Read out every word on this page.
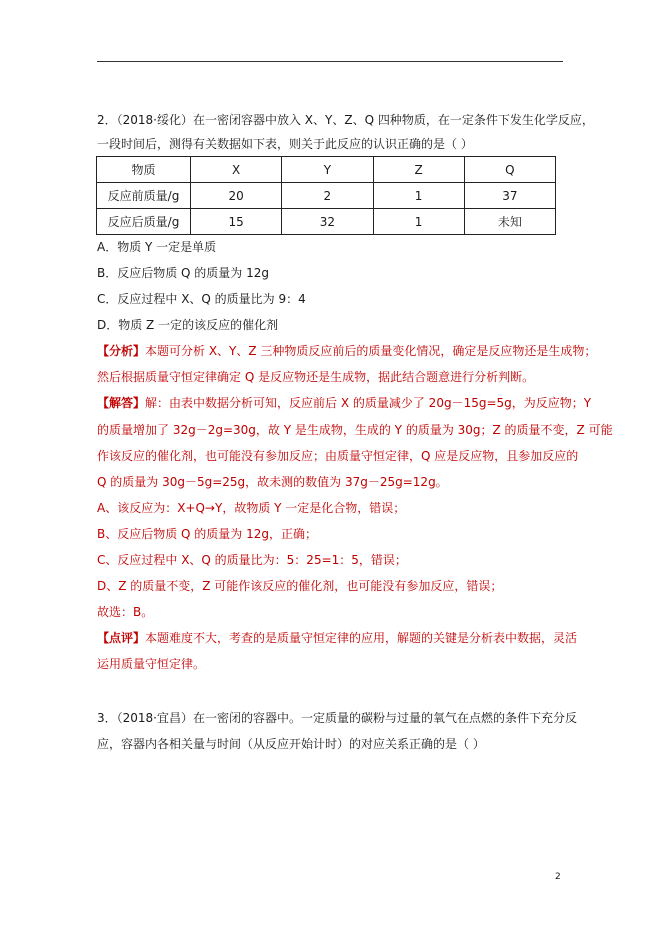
2．（2018·绥化）在一密闭容器中放入 X、Y、Z、Q 四种物质，在一定条件下发生化学反应，
一段时间后，测得有关数据如下表，则关于此反应的认识正确的是（ ）
物质	X	Y	Z	Q
反应前质量/g	20	2	1	37
反应后质量/g	15	32	1	未知
A．物质 Y 一定是单质
B．反应后物质 Q 的质量为 12g
C．反应过程中 X、Q 的质量比为 9：4
D．物质 Z 一定的该反应的催化剂
【分析】本题可分析 X、Y、Z 三种物质反应前后的质量变化情况，确定是反应物还是生成物；
然后根据质量守恒定律确定 Q 是反应物还是生成物，据此结合题意进行分析判断。
【解答】解：由表中数据分析可知，反应前后 X 的质量减少了 20g－15g=5g，为反应物；Y
的质量增加了 32g－2g=30g，故 Y 是生成物，生成的 Y 的质量为 30g；Z 的质量不变，Z 可能
作该反应的催化剂，也可能没有参加反应；由质量守恒定律，Q 应是反应物，且参加反应的
Q 的质量为 30g－5g=25g，故未测的数值为 37g－25g=12g。
A、该反应为：X+Q→Y，故物质 Y 一定是化合物，错误；
B、反应后物质 Q 的质量为 12g，正确；
C、反应过程中 X、Q 的质量比为：5：25=1：5，错误；
D、Z 的质量不变，Z 可能作该反应的催化剂，也可能没有参加反应，错误；
故选：B。
【点评】本题难度不大，考查的是质量守恒定律的应用，解题的关键是分析表中数据，灵活
运用质量守恒定律。
3．（2018·宜昌）在一密闭的容器中。一定质量的碳粉与过量的氧气在点燃的条件下充分反
应，容器内各相关量与时间（从反应开始计时）的对应关系正确的是（ ）
2
